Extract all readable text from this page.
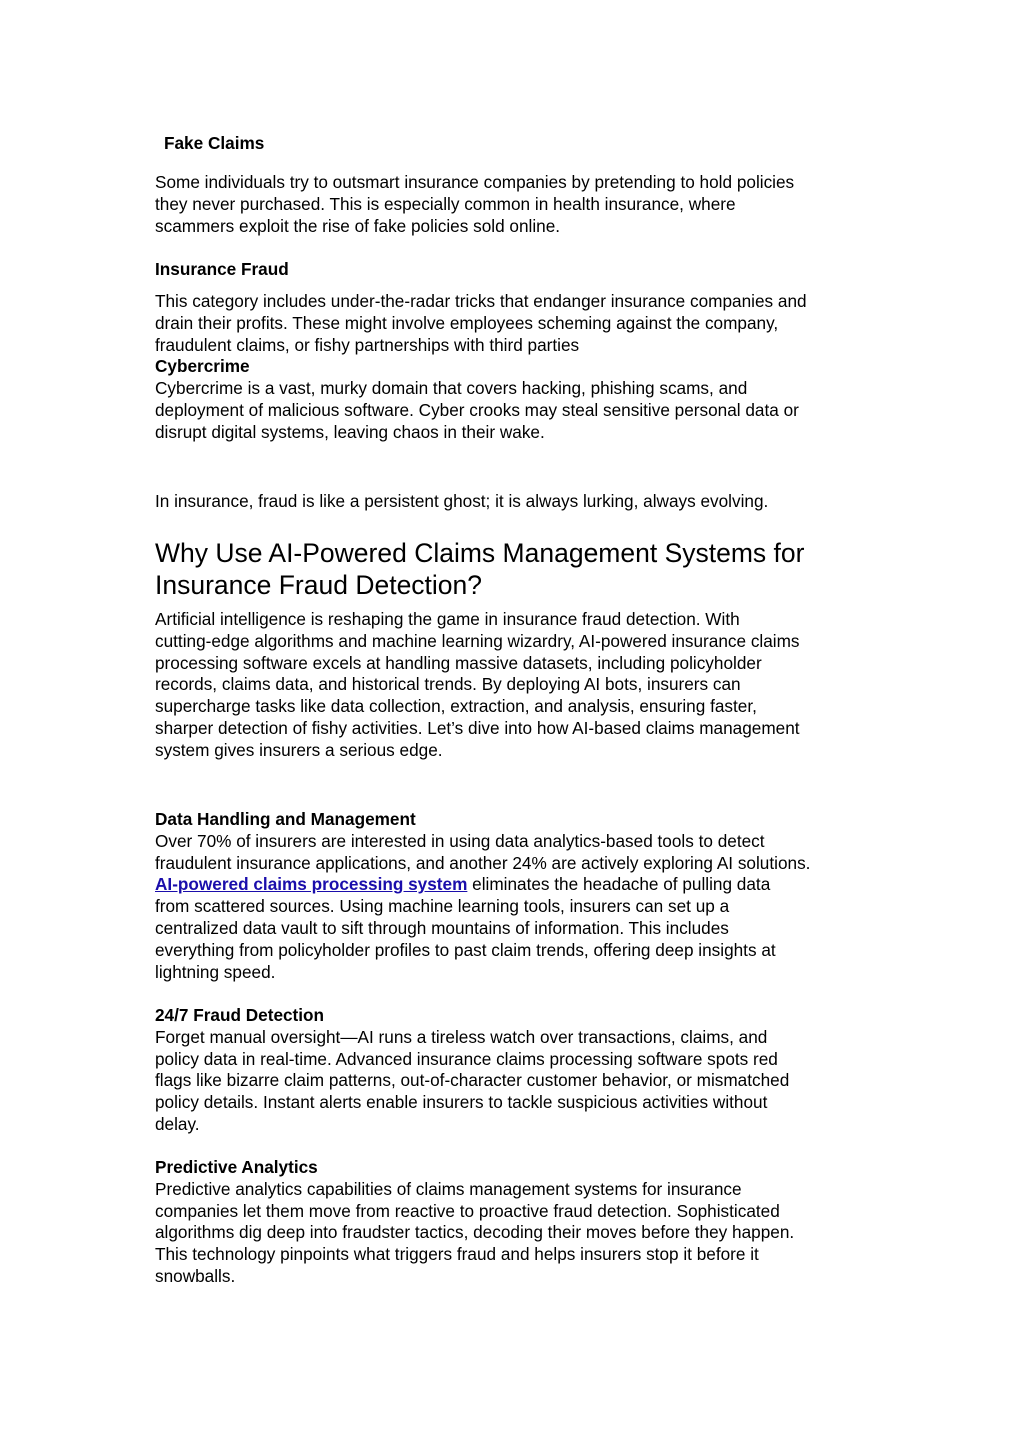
Fake Claims

Some individuals try to outsmart insurance companies by pretending to hold policies

they never purchased. This is especially common in health insurance, where

scammers exploit the rise of fake policies sold online.

Insurance Fraud

This category includes under-the-radar tricks that endanger insurance companies and

drain their profits. These might involve employees scheming against the company,

fraudulent claims, or fishy partnerships with third parties

Cybercrime

Cybercrime is a vast, murky domain that covers hacking, phishing scams, and

deployment of malicious software. Cyber crooks may steal sensitive personal data or

disrupt digital systems, leaving chaos in their wake.

In insurance, fraud is like a persistent ghost; it is always lurking, always evolving.

Why Use AI-Powered Claims Management Systems for

Insurance Fraud Detection?

Artificial intelligence is reshaping the game in insurance fraud detection. With

cutting-edge algorithms and machine learning wizardry, AI-powered insurance claims

processing software excels at handling massive datasets, including policyholder

records, claims data, and historical trends. By deploying AI bots, insurers can

supercharge tasks like data collection, extraction, and analysis, ensuring faster,

sharper detection of fishy activities. Let’s dive into how AI-based claims management

system gives insurers a serious edge.

Data Handling and Management

Over 70% of insurers are interested in using data analytics-based tools to detect

fraudulent insurance applications, and another 24% are actively exploring AI solutions.

AI-powered claims processing system eliminates the headache of pulling data

from scattered sources. Using machine learning tools, insurers can set up a

centralized data vault to sift through mountains of information. This includes

everything from policyholder profiles to past claim trends, offering deep insights at

lightning speed.

24/7 Fraud Detection

Forget manual oversight—AI runs a tireless watch over transactions, claims, and

policy data in real-time. Advanced insurance claims processing software spots red

flags like bizarre claim patterns, out-of-character customer behavior, or mismatched

policy details. Instant alerts enable insurers to tackle suspicious activities without

delay.

Predictive Analytics

Predictive analytics capabilities of claims management systems for insurance

companies let them move from reactive to proactive fraud detection. Sophisticated

algorithms dig deep into fraudster tactics, decoding their moves before they happen.

This technology pinpoints what triggers fraud and helps insurers stop it before it

snowballs.
